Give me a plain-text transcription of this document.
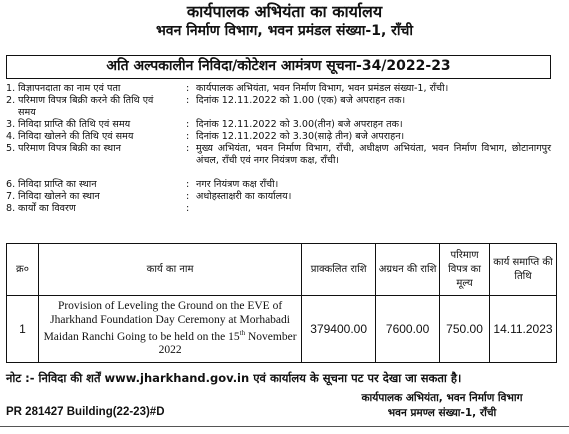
कार्यपालक अभियंता का कार्यालय
भवन निर्माण विभाग, भवन प्रमंडल संख्या-1, राँची
अति अल्पकालीन निविदा/कोटेशन आमंत्रण सूचना-34/2022-23
1. विज्ञापनदाता का नाम एवं पता	: कार्यपालक अभियंता, भवन निर्माण विभाग, भवन प्रमंडल संख्या-1, राँची।
2. परिमाण विपत्र बिक्री करने की तिथि एवं समय
: दिनांक 12.11.2022 को 1.00 (एक) बजे अपराहन तक।
3. निविदा प्राप्ति की तिथि एवं समय	: दिनांक 12.11.2022 को 3.00(तीन) बजे अपराहन तक।
4. निविदा खोलने की तिथि एवं समय	: दिनांक 12.11.2022 को 3.30(साढ़े तीन) बजे अपराहन।
5. परिमाण विपत्र बिक्री का स्थान	: मुख्य अभियंता, भवन निर्माण विभाग, राँची, अधीक्षण अभियंता, भवन निर्माण विभाग, छोटानागपुर अंचल, राँची एवं नगर नियंत्रण कक्ष, राँची।
6. निविदा प्राप्ति का स्थान	: नगर नियंत्रण कक्ष राँची।
7. निविदा खोलने का स्थान	: अधोहस्ताक्षरी का कार्यालय।
8. कार्यों का विवरण	:
क्र०	कार्य का नाम	प्राक्कलित राशि	अग्रधन की राशि	परिमाण विपत्र का मूल्य	कार्य समाप्ति की तिथि
1	Provision of Leveling the Ground on the EVE of Jharkhand Foundation Day Ceremony at Morhabadi Maidan Ranchi Going to be held on the 15th November 2022	379400.00	7600.00	750.00	14.11.2023
नोट :- निविदा की शर्तें www.jharkhand.gov.in एवं कार्यालय के सूचना पट पर देखा जा सकता है।
कार्यपालक अभियंता, भवन निर्माण विभाग
भवन प्रमण्ल संख्या-1, राँची
PR 281427 Building(22-23)#D
